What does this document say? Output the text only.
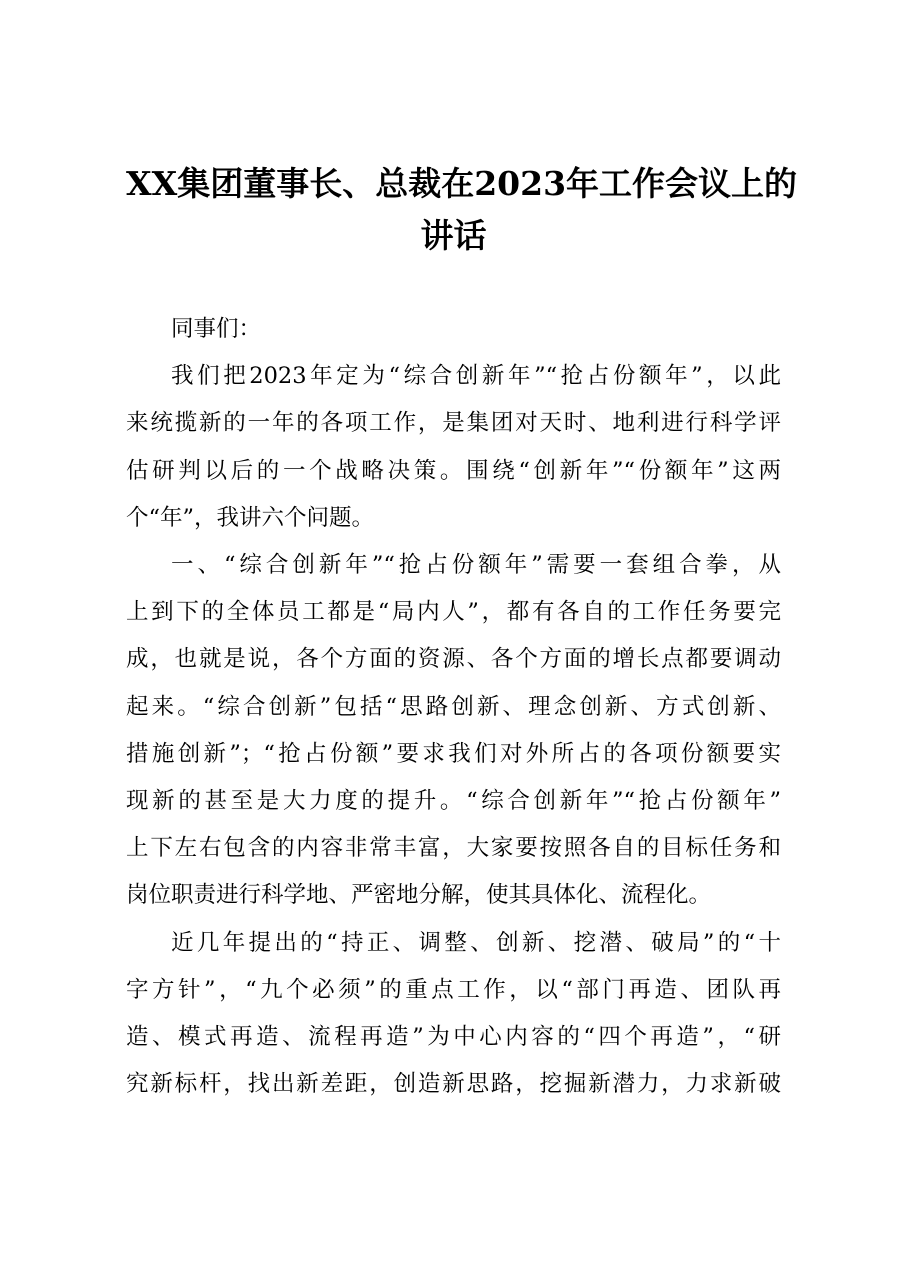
XX集团董事长、总裁在2023年工作会议上的
讲话
同事们：
我们把2023年定为“综合创新年”“抢占份额年”，以此
来统揽新的一年的各项工作，是集团对天时、地利进行科学评
估研判以后的一个战略决策。围绕“创新年”“份额年”这两
个“年”，我讲六个问题。
一、“综合创新年”“抢占份额年”需要一套组合拳，从
上到下的全体员工都是“局内人”，都有各自的工作任务要完
成，也就是说，各个方面的资源、各个方面的增长点都要调动
起来。“综合创新”包括“思路创新、理念创新、方式创新、
措施创新”；“抢占份额”要求我们对外所占的各项份额要实
现新的甚至是大力度的提升。“综合创新年”“抢占份额年”
上下左右包含的内容非常丰富，大家要按照各自的目标任务和
岗位职责进行科学地、严密地分解，使其具体化、流程化。
近几年提出的“持正、调整、创新、挖潜、破局”的“十
字方针”，“九个必须”的重点工作，以“部门再造、团队再
造、模式再造、流程再造”为中心内容的“四个再造”，“研
究新标杆，找出新差距，创造新思路，挖掘新潜力，力求新破
